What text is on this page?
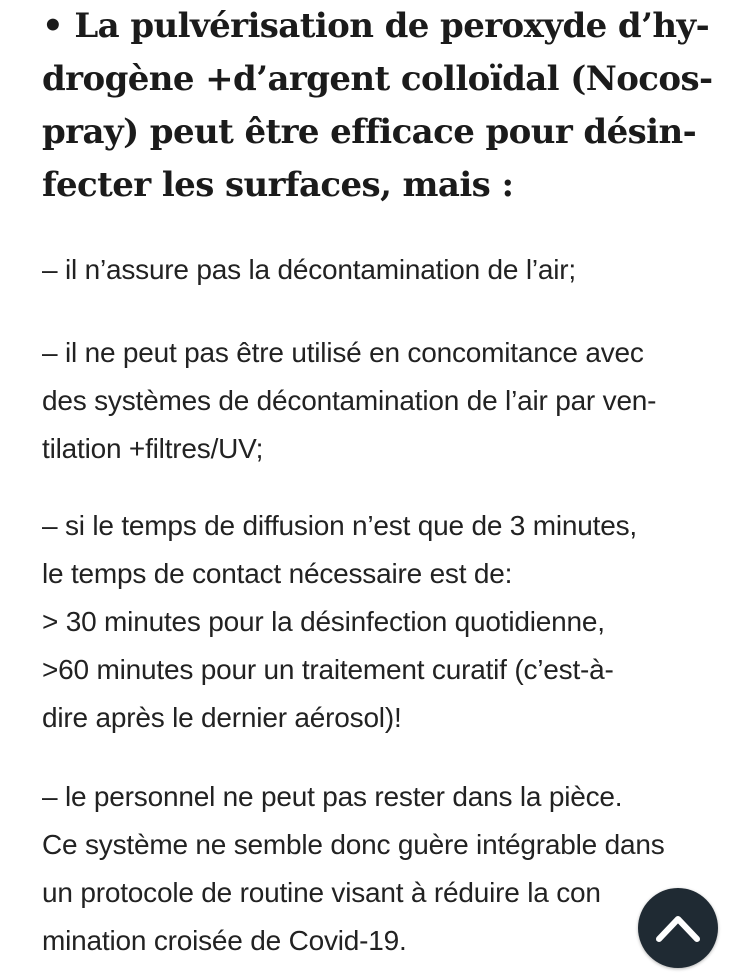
• La pulvérisation de peroxyde d’hy-
drogène +d’argent colloïdal (Nocos-
pray) peut être efficace pour désin-
fecter les surfaces, mais :

– il n’assure pas la décontamination de l’air;

– il ne peut pas être utilisé en concomitance avec
des systèmes de décontamination de l’air par ven-
tilation +filtres/UV;

– si le temps de diffusion n’est que de 3 minutes,
le temps de contact nécessaire est de:
> 30 minutes pour la désinfection quotidienne,
>60 minutes pour un traitement curatif (c’est-à-
dire après le dernier aérosol)!

– le personnel ne peut pas rester dans la pièce.
Ce système ne semble donc guère intégrable dans
un protocole de routine visant à réduire la con
mination croisée de Covid-19.
